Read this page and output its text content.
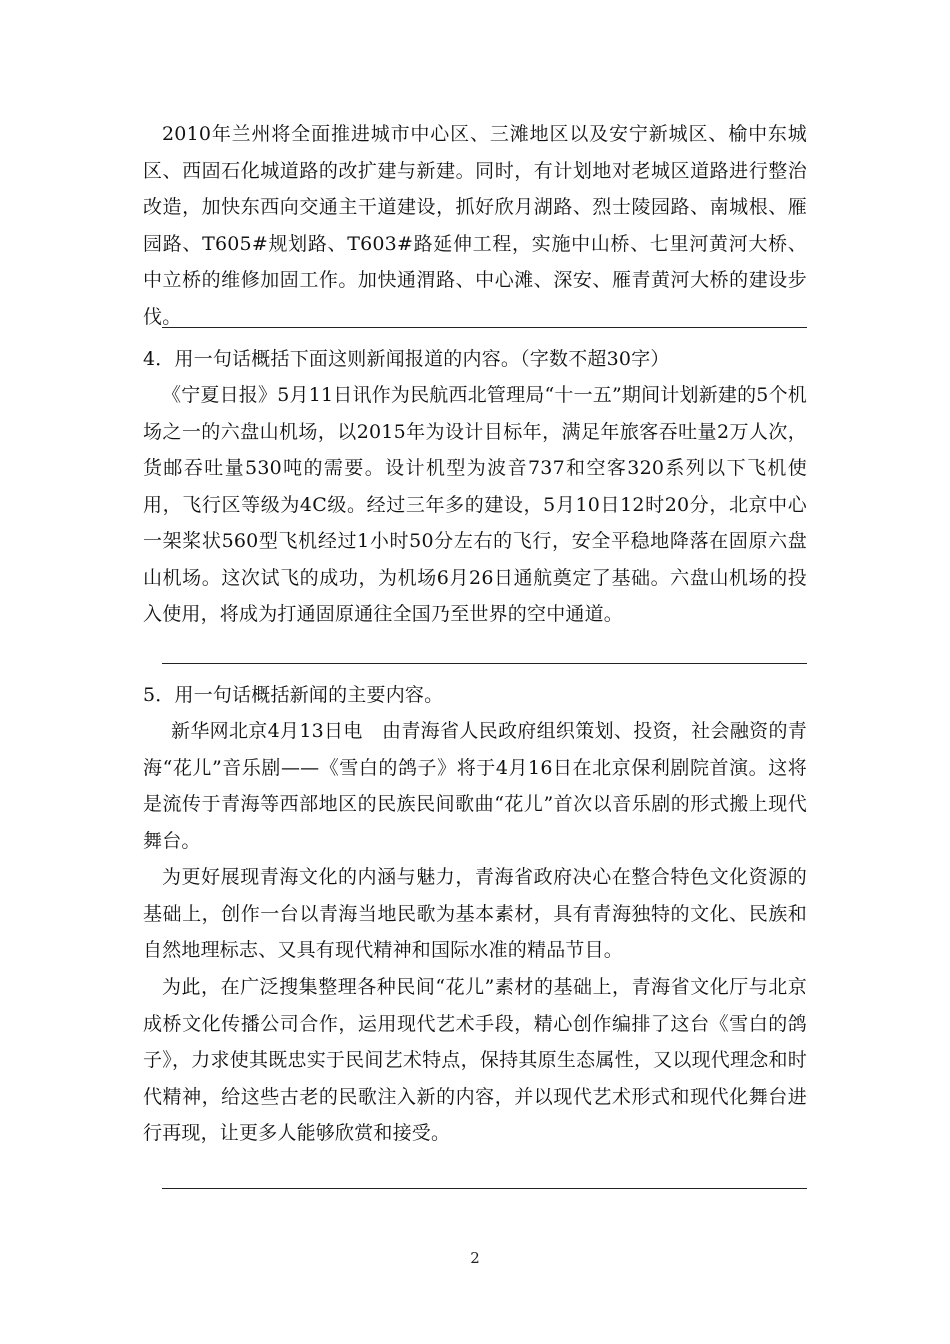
2010年兰州将全面推进城市中心区、三滩地区以及安宁新城区、榆中东城区、西固石化城道路的改扩建与新建。同时，有计划地对老城区道路进行整治改造，加快东西向交通主干道建设，抓好欣月湖路、烈士陵园路、南城根、雁园路、T605#规划路、T603#路延伸工程，实施中山桥、七里河黄河大桥、中立桥的维修加固工作。加快通渭路、中心滩、深安、雁青黄河大桥的建设步伐。

4．用一句话概括下面这则新闻报道的内容。（字数不超30字）

《宁夏日报》5月11日讯作为民航西北管理局“十一五”期间计划新建的5个机场之一的六盘山机场，以2015年为设计目标年，满足年旅客吞吐量2万人次，货邮吞吐量530吨的需要。设计机型为波音737和空客320系列以下飞机使用，飞行区等级为4C级。经过三年多的建设，5月10日12时20分，北京中心一架桨状560型飞机经过1小时50分左右的飞行，安全平稳地降落在固原六盘山机场。这次试飞的成功，为机场6月26日通航奠定了基础。六盘山机场的投入使用，将成为打通固原通往全国乃至世界的空中通道。

5．用一句话概括新闻的主要内容。

新华网北京4月13日电　由青海省人民政府组织策划、投资，社会融资的青海“花儿”音乐剧——《雪白的鸽子》将于4月16日在北京保利剧院首演。这将是流传于青海等西部地区的民族民间歌曲“花儿”首次以音乐剧的形式搬上现代舞台。

为更好展现青海文化的内涵与魅力，青海省政府决心在整合特色文化资源的基础上，创作一台以青海当地民歌为基本素材，具有青海独特的文化、民族和自然地理标志、又具有现代精神和国际水准的精品节目。

为此，在广泛搜集整理各种民间“花儿”素材的基础上，青海省文化厅与北京成桥文化传播公司合作，运用现代艺术手段，精心创作编排了这台《雪白的鸽子》，力求使其既忠实于民间艺术特点，保持其原生态属性，又以现代理念和时代精神，给这些古老的民歌注入新的内容，并以现代艺术形式和现代化舞台进行再现，让更多人能够欣赏和接受。

2
